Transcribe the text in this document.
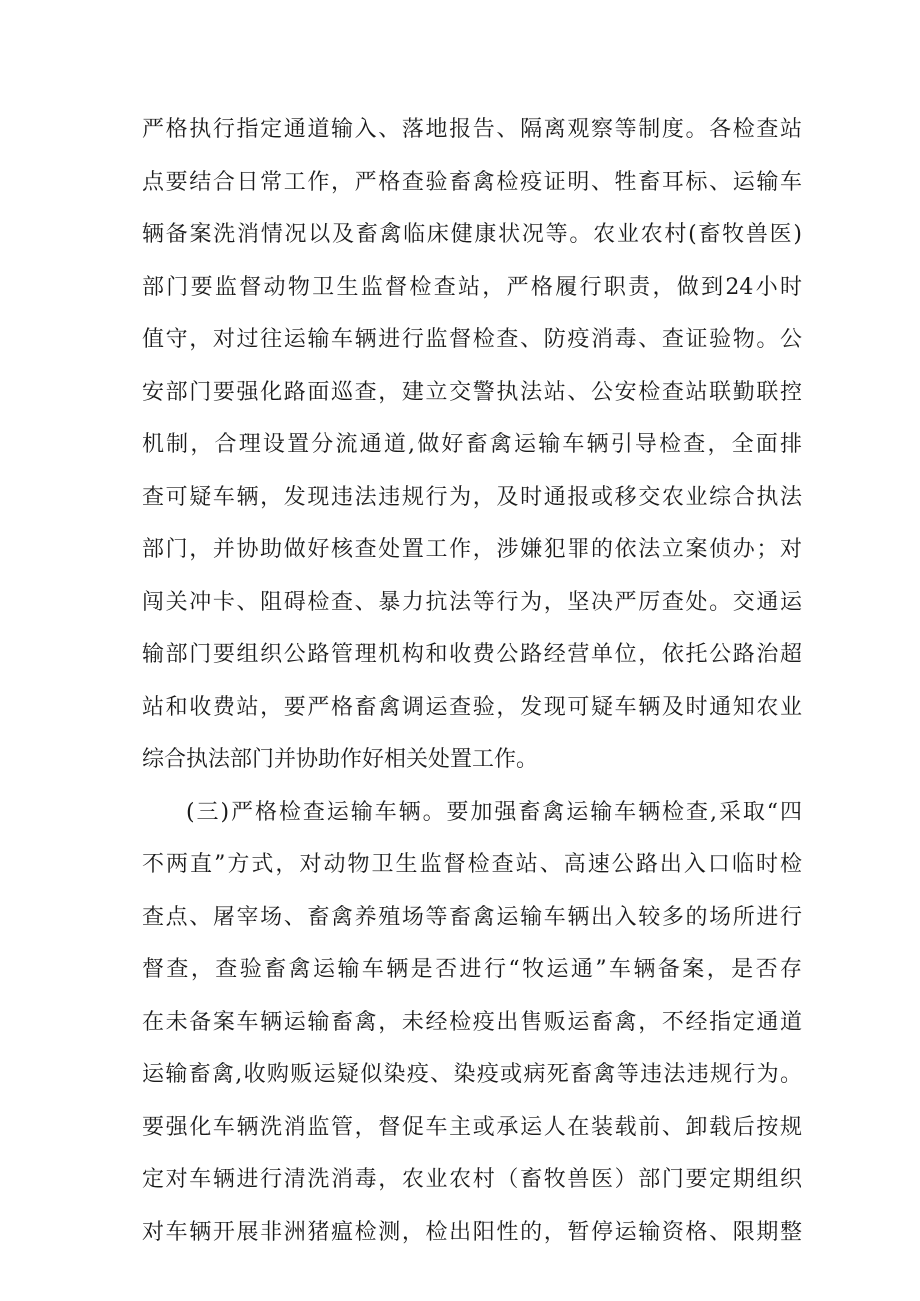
严格执行指定通道输入、落地报告、隔离观察等制度。各检查站
点要结合日常工作，严格查验畜禽检疫证明、牲畜耳标、运输车
辆备案洗消情况以及畜禽临床健康状况等。农业农村(畜牧兽医)
部门要监督动物卫生监督检查站，严格履行职责，做到24小时
值守，对过往运输车辆进行监督检查、防疫消毒、查证验物。公
安部门要强化路面巡查，建立交警执法站、公安检查站联勤联控
机制，合理设置分流通道,做好畜禽运输车辆引导检查，全面排
查可疑车辆，发现违法违规行为，及时通报或移交农业综合执法
部门，并协助做好核查处置工作，涉嫌犯罪的依法立案侦办；对
闯关冲卡、阻碍检查、暴力抗法等行为，坚决严厉查处。交通运
输部门要组织公路管理机构和收费公路经营单位，依托公路治超
站和收费站，要严格畜禽调运查验，发现可疑车辆及时通知农业
综合执法部门并协助作好相关处置工作。
(三)严格检查运输车辆。要加强畜禽运输车辆检查,采取“四
不两直”方式，对动物卫生监督检查站、高速公路出入口临时检
查点、屠宰场、畜禽养殖场等畜禽运输车辆出入较多的场所进行
督查，查验畜禽运输车辆是否进行“牧运通”车辆备案，是否存
在未备案车辆运输畜禽，未经检疫出售贩运畜禽，不经指定通道
运输畜禽,收购贩运疑似染疫、染疫或病死畜禽等违法违规行为。
要强化车辆洗消监管，督促车主或承运人在装载前、卸载后按规
定对车辆进行清洗消毒，农业农村（畜牧兽医）部门要定期组织
对车辆开展非洲猪瘟检测，检出阳性的，暂停运输资格、限期整
